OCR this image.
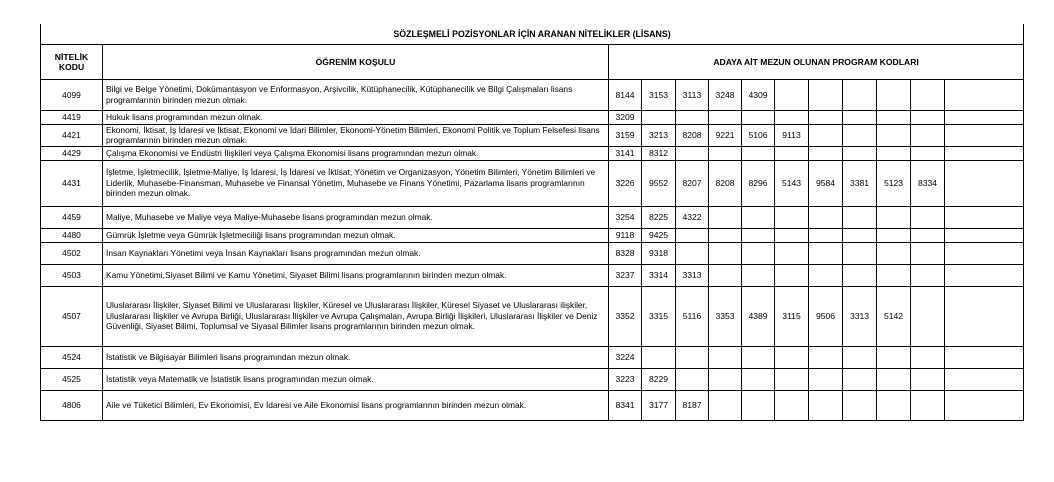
SÖZLEŞMELİ POZİSYONLAR İÇİN ARANAN NİTELİKLER (LİSANS)												

NİTELİK
KODU	ÖĞRENİM KOŞULU	ADAYA AİT MEZUN OLUNAN PROGRAM KODLARI										
4099	Bilgi ve Belge Yönetimi, Dokümantasyon ve Enformasyon, Arşivcilik, Kütüphanecilik, Kütüphanecilik ve Bilgi Çalışmaları lisans programlarının birinden mezun olmak.	8144	3153	3113	3248	4309						
4419	Hukuk lisans programından mezun olmak.	3209										
4421	Ekonomi, İktisat, İş İdaresi ve İktisat, Ekonomi ve İdari Bilimler, Ekonomi-Yönetim Bilimleri, Ekonomi Politik ve Toplum Felsefesi lisans programlarının birinden mezun olmak.	3159	3213	8208	9221	5106	9113					
4429	Çalışma Ekonomisi ve Endüstri İlişkileri veya Çalışma Ekonomisi lisans programından mezun olmak.	3141	8312									
4431	İşletme, İşletmecilik, İşletme-Maliye, İş İdaresi, İş İdaresi ve İktisat, Yönetim ve Organizasyon, Yönetim Bilimleri, Yönetim Bilimleri ve Liderlik, Muhasebe-Finansman, Muhasebe ve Finansal Yönetim, Muhasebe ve Finans Yönetimi, Pazarlama lisans programlarının birinden mezun olmak.	3226	9552	8207	8208	8296	5143	9584	3381	5123	8334	
4459	Maliye, Muhasebe ve Maliye veya Maliye-Muhasebe lisans programından mezun olmak.	3254	8225	4322								
4480	Gümrük İşletme veya Gümrük İşletmeciliği lisans programından mezun olmak.	9118	9425									
4502	İnsan Kaynakları Yönetimi veya İnsan Kaynakları lisans programından mezun olmak.	8328	9318									
4503	Kamu Yönetimi,Siyaset Bilimi ve Kamu Yönetimi, Siyaset Bilimi lisans programlarının birinden mezun olmak.	3237	3314	3313								
4507	Uluslararası İlişkiler, Siyaset Bilimi ve Uluslararası İlişkiler, Küresel ve Uluslararası İlişkiler, Küresel Siyaset ve Uluslararası ilişkiler, Uluslararası İlişkiler ve Avrupa Birliği, Uluslararası İlişkiler ve Avrupa Çalışmaları, Avrupa Birliği İlişkileri, Uluslararası İlişkiler ve Deniz Güvenliği, Siyaset Bilimi, Toplumsal ve Siyasal Bilimler lisans programlarının birinden mezun olmak.	3352	3315	5116	3353	4389	3115	9506	3313	5142		
4524	İstatistik ve Bilgisayar Bilimleri lisans programından mezun olmak.	3224										
4525	İstatistik veya Matematik ve İstatistik lisans programından mezun olmak.	3223	8229									
4806	Aile ve Tüketici Bilimleri, Ev Ekonomisi, Ev İdaresi ve Aile Ekonomisi lisans programlarının birinden mezun olmak.	8341	3177	8187								
